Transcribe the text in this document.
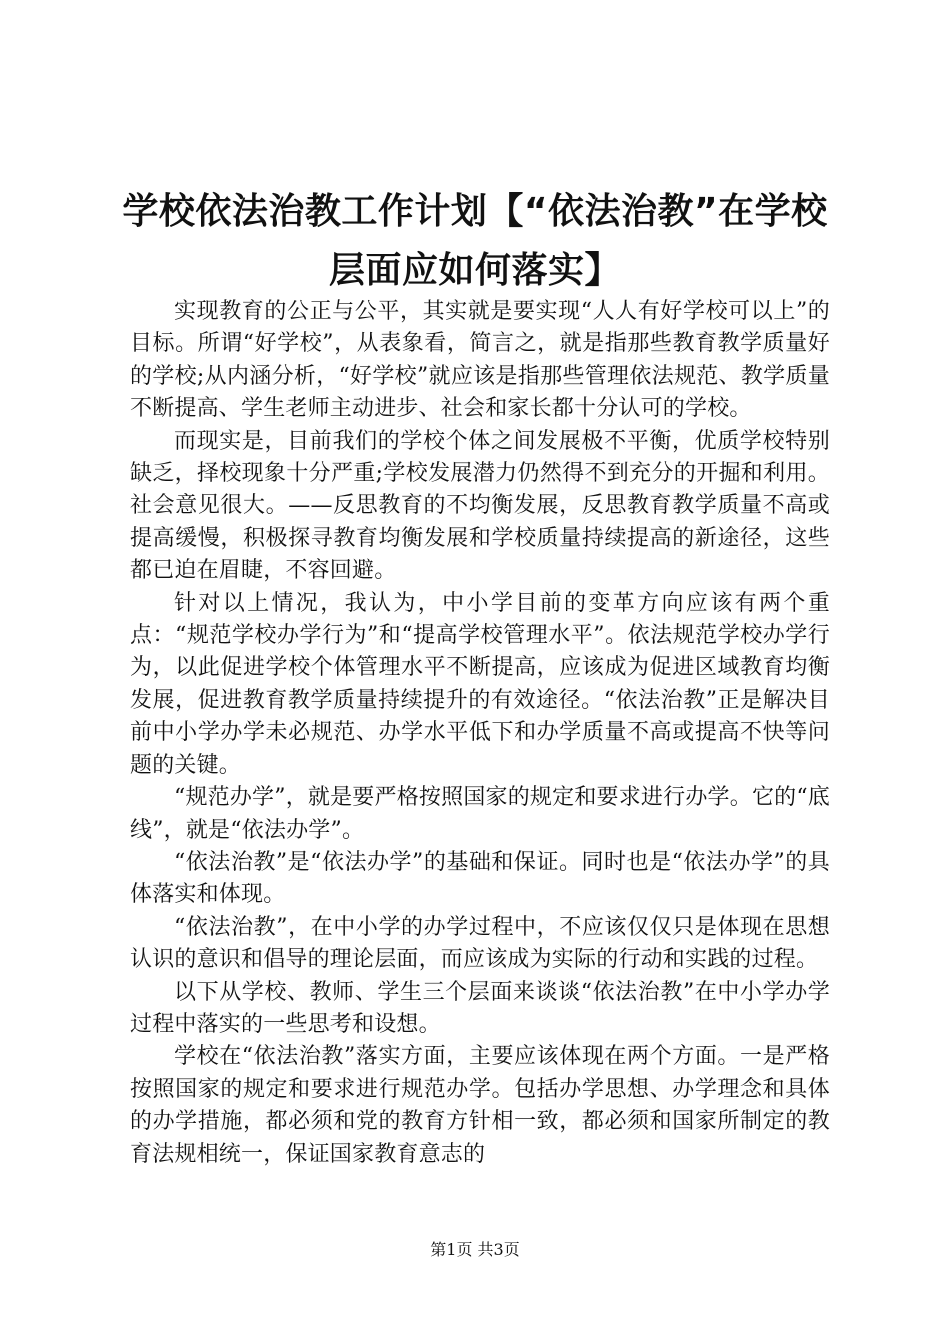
学校依法治教工作计划【“依法治教”在学校
层面应如何落实】

实现教育的公正与公平，其实就是要实现“人人有好学校可以上”的目标。所谓“好学校”，从表象看，简言之，就是指那些教育教学质量好的学校;从内涵分析，“好学校”就应该是指那些管理依法规范、教学质量不断提高、学生老师主动进步、社会和家长都十分认可的学校。

而现实是，目前我们的学校个体之间发展极不平衡，优质学校特别缺乏，择校现象十分严重;学校发展潜力仍然得不到充分的开掘和利用。社会意见很大。——反思教育的不均衡发展，反思教育教学质量不高或提高缓慢，积极探寻教育均衡发展和学校质量持续提高的新途径，这些都已迫在眉睫，不容回避。

针对以上情况，我认为，中小学目前的变革方向应该有两个重点：“规范学校办学行为”和“提高学校管理水平”。依法规范学校办学行为，以此促进学校个体管理水平不断提高，应该成为促进区域教育均衡发展，促进教育教学质量持续提升的有效途径。“依法治教”正是解决目前中小学办学未必规范、办学水平低下和办学质量不高或提高不快等问题的关键。

“规范办学”，就是要严格按照国家的规定和要求进行办学。它的“底线”，就是“依法办学”。

“依法治教”是“依法办学”的基础和保证。同时也是“依法办学”的具体落实和体现。

“依法治教”，在中小学的办学过程中，不应该仅仅只是体现在思想认识的意识和倡导的理论层面，而应该成为实际的行动和实践的过程。

以下从学校、教师、学生三个层面来谈谈“依法治教”在中小学办学过程中落实的一些思考和设想。

学校在“依法治教”落实方面，主要应该体现在两个方面。一是严格按照国家的规定和要求进行规范办学。包括办学思想、办学理念和具体的办学措施，都必须和党的教育方针相一致，都必须和国家所制定的教育法规相统一，保证国家教育意志的

第1页 共3页
